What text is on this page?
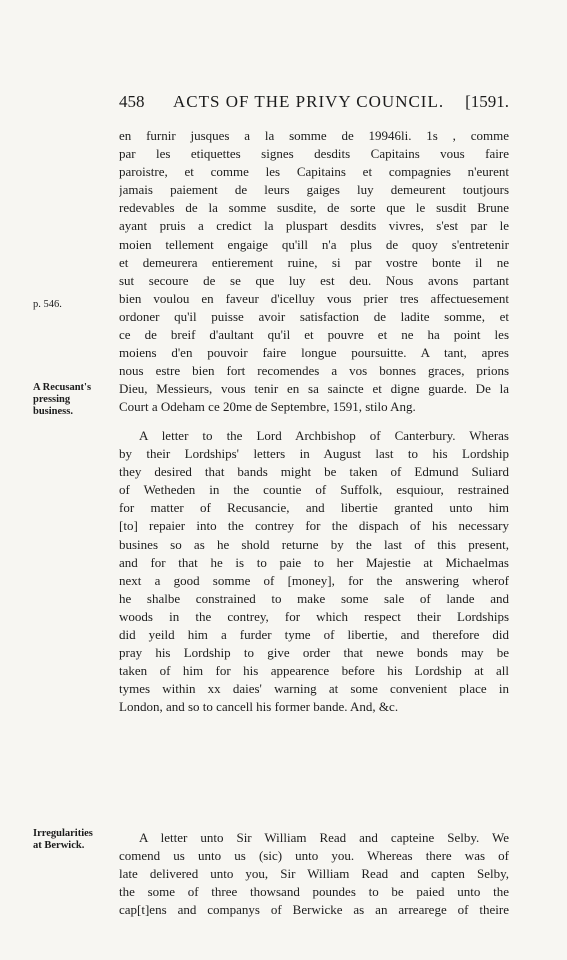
458 ACTS OF THE PRIVY COUNCIL. [1591.
p. 546.
A Recusant's
pressing
business.
Irregularities
at Berwick.
en furnir jusques a la somme de 19946li. 1s , comme
par les etiquettes signes desdits Capitains vous faire
paroistre, et comme les Capitains et compagnies n'eurent
jamais paiement de leurs gaiges luy demeurent toutjours
redevables de la somme susdite, de sorte que le susdit Brune
ayant pruis a credict la pluspart desdits vivres, s'est par le
moien tellement engaige qu'ill n'a plus de quoy s'entretenir
et demeurera entierement ruine, si par vostre bonte il ne
sut secoure de se que luy est deu. Nous avons partant
bien voulou en faveur d'icelluy vous prier tres affectuesement
ordoner qu'il puisse avoir satisfaction de ladite somme, et
ce de breif d'aultant qu'il et pouvre et ne ha point les
moiens d'en pouvoir faire longue poursuitte. A tant, apres
nous estre bien fort recomendes a vos bonnes graces, prions
Dieu, Messieurs, vous tenir en sa saincte et digne guarde. De la
Court a Odeham ce 20me de Septembre, 1591, stilo Ang.
A letter to the Lord Archbishop of Canterbury. Wheras
by their Lordships' letters in August last to his Lordship
they desired that bands might be taken of Edmund Suliard
of Wetheden in the countie of Suffolk, esquiour, restrained
for matter of Recusancie, and libertie granted unto him
[to] repaier into the contrey for the dispach of his necessary
busines so as he shold returne by the last of this present,
and for that he is to paie to her Majestie at Michaelmas
next a good somme of [money], for the answering wherof
he shalbe constrained to make some sale of lande and
woods in the contrey, for which respect their Lordships
did yeild him a furder tyme of libertie, and therefore did
pray his Lordship to give order that newe bonds may be
taken of him for his appearence before his Lordship at all
tymes within xx daies' warning at some convenient place in
London, and so to cancell his former bande. And, &c.
A letter unto Sir William Read and capteine Selby. We
comend us unto us (sic) unto you. Whereas there was of
late delivered unto you, Sir William Read and capten Selby,
the some of three thowsand poundes to be paied unto the
cap[t]ens and companys of Berwicke as an arrearege of theire
